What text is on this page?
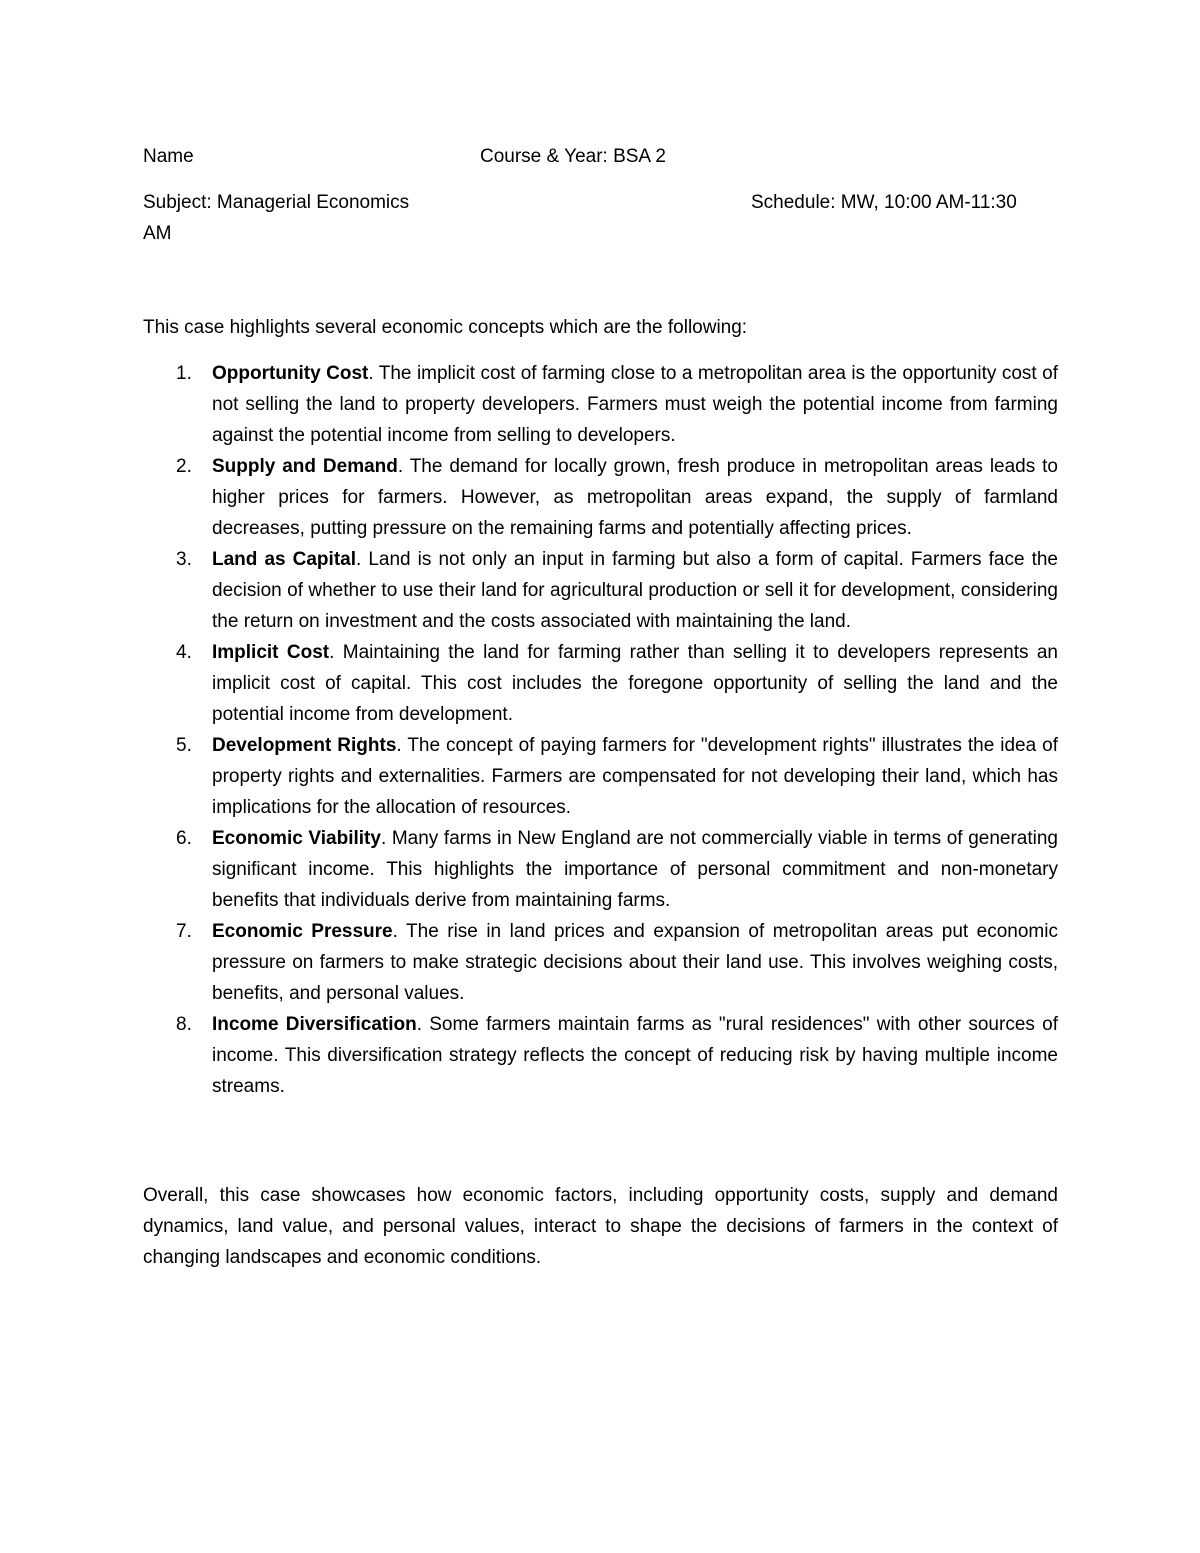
Name	Course & Year: BSA 2
Subject: Managerial Economics	Schedule: MW, 10:00 AM-11:30
AM
This case highlights several economic concepts which are the following:
1. Opportunity Cost. The implicit cost of farming close to a metropolitan area is the opportunity cost of not selling the land to property developers. Farmers must weigh the potential income from farming against the potential income from selling to developers.
2. Supply and Demand. The demand for locally grown, fresh produce in metropolitan areas leads to higher prices for farmers. However, as metropolitan areas expand, the supply of farmland decreases, putting pressure on the remaining farms and potentially affecting prices.
3. Land as Capital. Land is not only an input in farming but also a form of capital. Farmers face the decision of whether to use their land for agricultural production or sell it for development, considering the return on investment and the costs associated with maintaining the land.
4. Implicit Cost. Maintaining the land for farming rather than selling it to developers represents an implicit cost of capital. This cost includes the foregone opportunity of selling the land and the potential income from development.
5. Development Rights. The concept of paying farmers for "development rights" illustrates the idea of property rights and externalities. Farmers are compensated for not developing their land, which has implications for the allocation of resources.
6. Economic Viability. Many farms in New England are not commercially viable in terms of generating significant income. This highlights the importance of personal commitment and non-monetary benefits that individuals derive from maintaining farms.
7. Economic Pressure. The rise in land prices and expansion of metropolitan areas put economic pressure on farmers to make strategic decisions about their land use. This involves weighing costs, benefits, and personal values.
8. Income Diversification. Some farmers maintain farms as "rural residences" with other sources of income. This diversification strategy reflects the concept of reducing risk by having multiple income streams.

Overall, this case showcases how economic factors, including opportunity costs, supply and demand dynamics, land value, and personal values, interact to shape the decisions of farmers in the context of changing landscapes and economic conditions.
